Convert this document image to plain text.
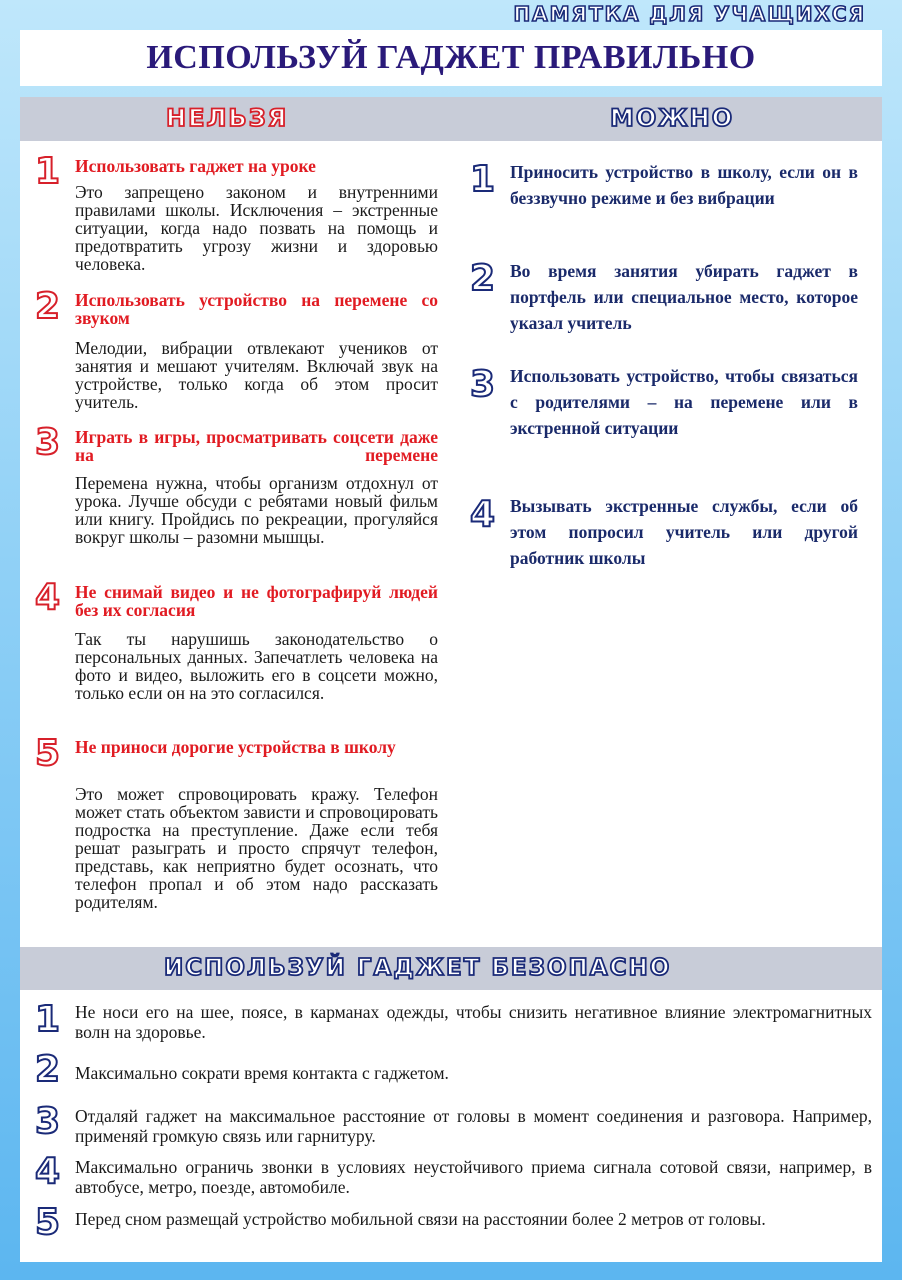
ПАМЯТКА ДЛЯ УЧАЩИХСЯ
ИСПОЛЬЗУЙ ГАДЖЕТ ПРАВИЛЬНО
НЕЛЬЗЯ	МОЖНО
1 Использовать гаджет на уроке

Это запрещено законом и внутренними правилами школы. Исключения – экстренные ситуации, когда надо позвать на помощь и предотвратить угрозу жизни и здоровью человека.

2 Использовать устройство на перемене со звуком

Мелодии, вибрации отвлекают учеников от занятия и мешают учителям. Включай звук на устройстве, только когда об этом просит учитель.

3 Играть в игры, просматривать соцсети даже на перемене

Перемена нужна, чтобы организм отдохнул от урока. Лучше обсуди с ребятами новый фильм или книгу. Пройдись по рекреации, прогуляйся вокруг школы – разомни мышцы.

4 Не снимай видео и не фотографируй людей без их согласия

Так ты нарушишь законодательство о персональных данных. Запечатлеть человека на фото и видео, выложить его в соцсети можно, только если он на это согласился.

5 Не приноси дорогие устройства в школу

Это может спровоцировать кражу. Телефон может стать объектом зависти и спровоцировать подростка на преступление. Даже если тебя решат разыграть и просто спрячут телефон, представь, как неприятно будет осознать, что телефон пропал и об этом надо рассказать родителям.

1 Приносить устройство в школу, если он в беззвучно режиме и без вибрации

2 Во время занятия убирать гаджет в портфель или специальное место, которое указал учитель

3 Использовать устройство, чтобы связаться с родителями – на перемене или в экстренной ситуации

4 Вызывать экстренные службы, если об этом попросил учитель или другой работник школы

ИСПОЛЬЗУЙ ГАДЖЕТ БЕЗОПАСНО
1 Не носи его на шее, поясе, в карманах одежды, чтобы снизить негативное влияние электромагнитных волн на здоровье.

2 Максимально сократи время контакта с гаджетом.

3 Отдаляй гаджет на максимальное расстояние от головы в момент соединения и разговора. Например, применяй громкую связь или гарнитуру.

4 Максимально ограничь звонки в условиях неустойчивого приема сигнала сотовой связи, например, в автобусе, метро, поезде, автомобиле.

5 Перед сном размещай устройство мобильной связи на расстоянии более 2 метров от головы.
